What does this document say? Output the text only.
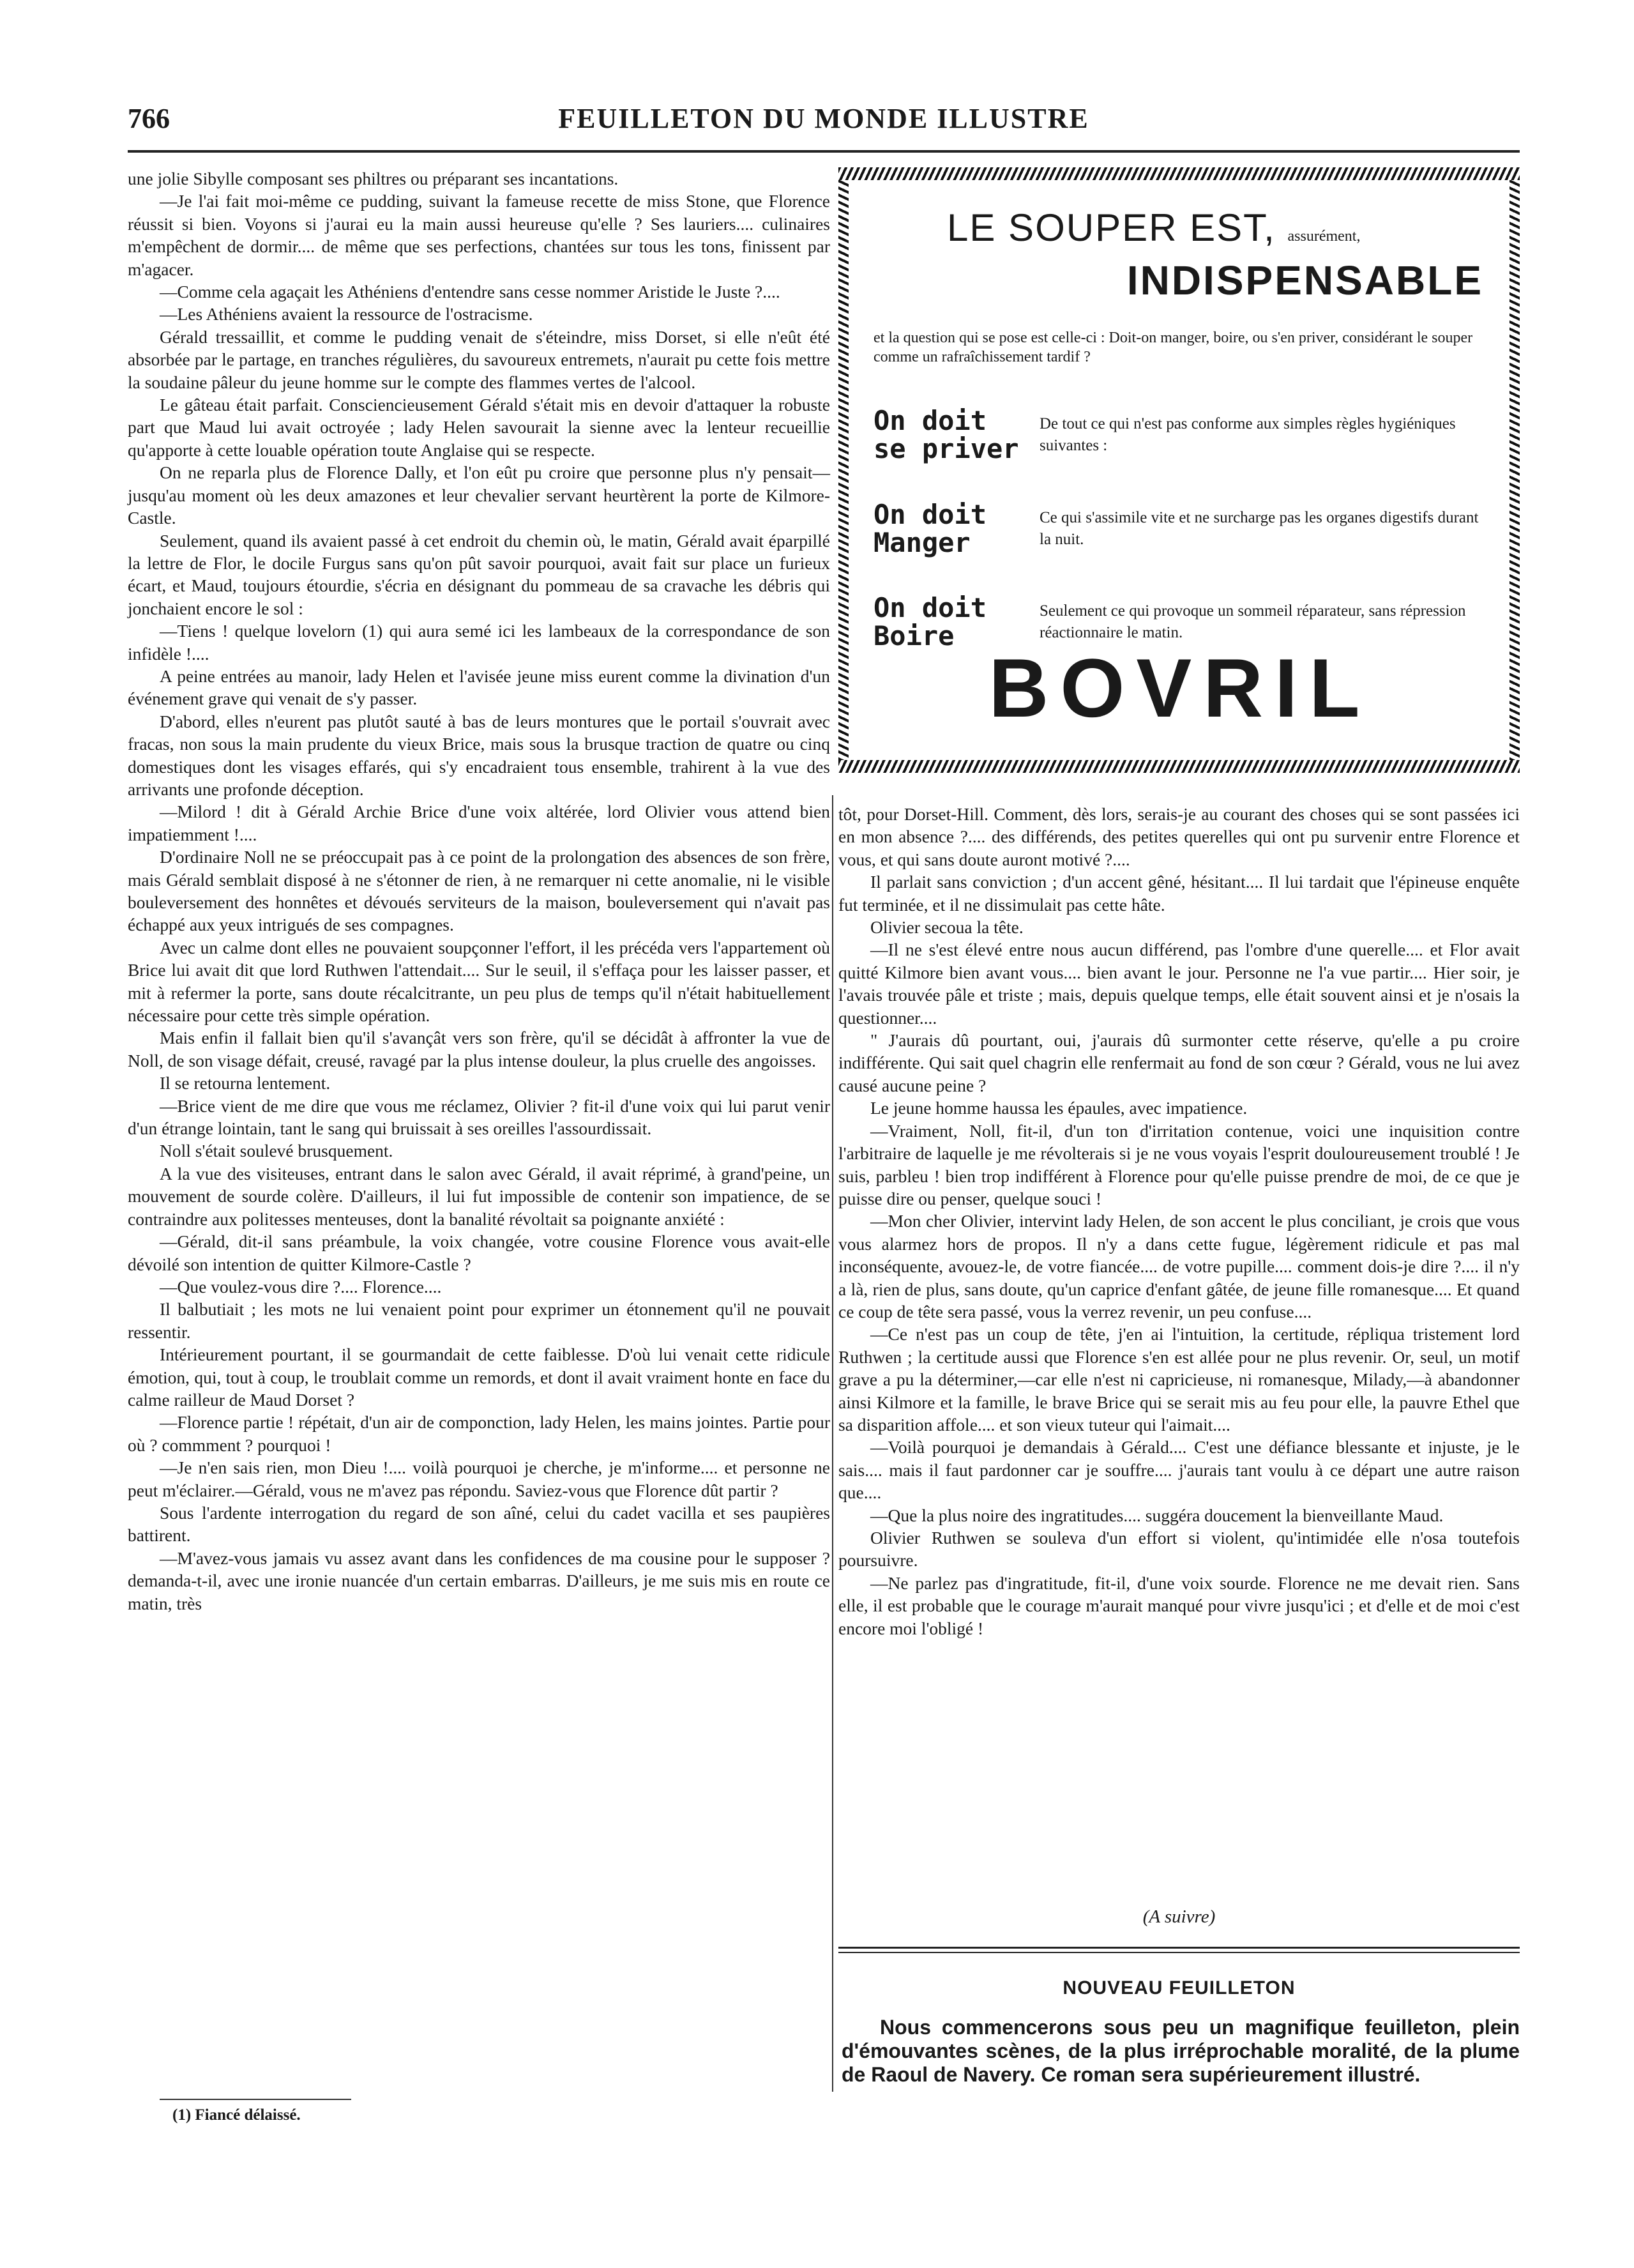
766	FEUILLETON DU MONDE ILLUSTRE

une jolie Sibylle composant ses philtres ou préparant ses incantations.

—Je l'ai fait moi-même ce pudding, suivant la fameuse recette de miss Stone, que Florence réussit si bien. Voyons si j'aurai eu la main aussi heureuse qu'elle ? Ses lauriers.... culinaires m'empêchent de dormir.... de même que ses perfections, chantées sur tous les tons, finissent par m'agacer.

—Comme cela agaçait les Athéniens d'entendre sans cesse nommer Aristide le Juste ?....

—Les Athéniens avaient la ressource de l'ostracisme.

Gérald tressaillit, et comme le pudding venait de s'éteindre, miss Dorset, si elle n'eût été absorbée par le partage, en tranches régulières, du savoureux entremets, n'aurait pu cette fois mettre la soudaine pâleur du jeune homme sur le compte des flammes vertes de l'alcool.

Le gâteau était parfait. Consciencieusement Gérald s'était mis en devoir d'attaquer la robuste part que Maud lui avait octroyée ; lady Helen savourait la sienne avec la lenteur recueillie qu'apporte à cette louable opération toute Anglaise qui se respecte.

On ne reparla plus de Florence Dally, et l'on eût pu croire que personne plus n'y pensait—jusqu'au moment où les deux amazones et leur chevalier servant heurtèrent la porte de Kilmore-Castle.

Seulement, quand ils avaient passé à cet endroit du chemin où, le matin, Gérald avait éparpillé la lettre de Flor, le docile Furgus sans qu'on pût savoir pourquoi, avait fait sur place un furieux écart, et Maud, toujours étourdie, s'écria en désignant du pommeau de sa cravache les débris qui jonchaient encore le sol :

—Tiens ! quelque lovelorn (1) qui aura semé ici les lambeaux de la correspondance de son infidèle !....

A peine entrées au manoir, lady Helen et l'avisée jeune miss eurent comme la divination d'un événement grave qui venait de s'y passer.

D'abord, elles n'eurent pas plutôt sauté à bas de leurs montures que le portail s'ouvrait avec fracas, non sous la main prudente du vieux Brice, mais sous la brusque traction de quatre ou cinq domestiques dont les visages effarés, qui s'y encadraient tous ensemble, trahirent à la vue des arrivants une profonde déception.

—Milord ! dit à Gérald Archie Brice d'une voix altérée, lord Olivier vous attend bien impatiemment !....

D'ordinaire Noll ne se préoccupait pas à ce point de la prolongation des absences de son frère, mais Gérald semblait disposé à ne s'étonner de rien, à ne remarquer ni cette anomalie, ni le visible bouleversement des honnêtes et dévoués serviteurs de la maison, bouleversement qui n'avait pas échappé aux yeux intrigués de ses compagnes.

Avec un calme dont elles ne pouvaient soupçonner l'effort, il les précéda vers l'appartement où Brice lui avait dit que lord Ruthwen l'attendait.... Sur le seuil, il s'effaça pour les laisser passer, et mit à refermer la porte, sans doute récalcitrante, un peu plus de temps qu'il n'était habituellement nécessaire pour cette très simple opération.

Mais enfin il fallait bien qu'il s'avançât vers son frère, qu'il se décidât à affronter la vue de Noll, de son visage défait, creusé, ravagé par la plus intense douleur, la plus cruelle des angoisses.

Il se retourna lentement.

—Brice vient de me dire que vous me réclamez, Olivier ? fit-il d'une voix qui lui parut venir d'un étrange lointain, tant le sang qui bruissait à ses oreilles l'assourdissait.

Noll s'était soulevé brusquement.

A la vue des visiteuses, entrant dans le salon avec Gérald, il avait réprimé, à grand'peine, un mouvement de sourde colère. D'ailleurs, il lui fut impossible de contenir son impatience, de se contraindre aux politesses menteuses, dont la banalité révoltait sa poignante anxiété :

—Gérald, dit-il sans préambule, la voix changée, votre cousine Florence vous avait-elle dévoilé son intention de quitter Kilmore-Castle ?

—Que voulez-vous dire ?.... Florence....

Il balbutiait ; les mots ne lui venaient point pour exprimer un étonnement qu'il ne pouvait ressentir.

Intérieurement pourtant, il se gourmandait de cette faiblesse. D'où lui venait cette ridicule émotion, qui, tout à coup, le troublait comme un remords, et dont il avait vraiment honte en face du calme railleur de Maud Dorset ?

—Florence partie ! répétait, d'un air de componction, lady Helen, les mains jointes. Partie pour où ? commment ? pourquoi !

—Je n'en sais rien, mon Dieu !.... voilà pourquoi je cherche, je m'informe.... et personne ne peut m'éclairer.—Gérald, vous ne m'avez pas répondu. Saviez-vous que Florence dût partir ?

Sous l'ardente interrogation du regard de son aîné, celui du cadet vacilla et ses paupières battirent.

—M'avez-vous jamais vu assez avant dans les confidences de ma cousine pour le supposer ? demanda-t-il, avec une ironie nuancée d'un certain embarras. D'ailleurs, je me suis mis en route ce matin, très

(1) Fiancé délaissé.
LE SOUPER EST, assurément,
INDISPENSABLE
et la question qui se pose est celle-ci : Doit-on manger, boire, ou s'en priver, considérant le souper comme un rafraîchissement tardif ?
On doit
se priver
De tout ce qui n'est pas conforme aux simples règles hygiéniques suivantes :
On doit
Manger
Ce qui s'assimile vite et ne surcharge pas les organes digestifs durant la nuit.
On doit
Boire
Seulement ce qui provoque un sommeil réparateur, sans répression réactionnaire le matin.
BOVRIL

tôt, pour Dorset-Hill. Comment, dès lors, serais-je au courant des choses qui se sont passées ici en mon absence ?.... des différends, des petites querelles qui ont pu survenir entre Florence et vous, et qui sans doute auront motivé ?....

Il parlait sans conviction ; d'un accent gêné, hésitant.... Il lui tardait que l'épineuse enquête fut terminée, et il ne dissimulait pas cette hâte.

Olivier secoua la tête.

—Il ne s'est élevé entre nous aucun différend, pas l'ombre d'une querelle.... et Flor avait quitté Kilmore bien avant vous.... bien avant le jour. Personne ne l'a vue partir.... Hier soir, je l'avais trouvée pâle et triste ; mais, depuis quelque temps, elle était souvent ainsi et je n'osais la questionner....

" J'aurais dû pourtant, oui, j'aurais dû surmonter cette réserve, qu'elle a pu croire indifférente. Qui sait quel chagrin elle renfermait au fond de son cœur ? Gérald, vous ne lui avez causé aucune peine ?

Le jeune homme haussa les épaules, avec impatience.

—Vraiment, Noll, fit-il, d'un ton d'irritation contenue, voici une inquisition contre l'arbitraire de laquelle je me révolterais si je ne vous voyais l'esprit douloureusement troublé ! Je suis, parbleu ! bien trop indifférent à Florence pour qu'elle puisse prendre de moi, de ce que je puisse dire ou penser, quelque souci !

—Mon cher Olivier, intervint lady Helen, de son accent le plus conciliant, je crois que vous vous alarmez hors de propos. Il n'y a dans cette fugue, légèrement ridicule et pas mal inconséquente, avouez-le, de votre fiancée.... de votre pupille.... comment dois-je dire ?.... il n'y a là, rien de plus, sans doute, qu'un caprice d'enfant gâtée, de jeune fille romanesque.... Et quand ce coup de tête sera passé, vous la verrez revenir, un peu confuse....

—Ce n'est pas un coup de tête, j'en ai l'intuition, la certitude, répliqua tristement lord Ruthwen ; la certitude aussi que Florence s'en est allée pour ne plus revenir. Or, seul, un motif grave a pu la déterminer,—car elle n'est ni capricieuse, ni romanesque, Milady,—à abandonner ainsi Kilmore et la famille, le brave Brice qui se serait mis au feu pour elle, la pauvre Ethel que sa disparition affole.... et son vieux tuteur qui l'aimait....

—Voilà pourquoi je demandais à Gérald.... C'est une défiance blessante et injuste, je le sais.... mais il faut pardonner car je souffre.... j'aurais tant voulu à ce départ une autre raison que....

—Que la plus noire des ingratitudes.... suggéra doucement la bienveillante Maud.

Olivier Ruthwen se souleva d'un effort si violent, qu'intimidée elle n'osa toutefois poursuivre.

—Ne parlez pas d'ingratitude, fit-il, d'une voix sourde. Florence ne me devait rien. Sans elle, il est probable que le courage m'aurait manqué pour vivre jusqu'ici ; et d'elle et de moi c'est encore moi l'obligé !

(A suivre)
NOUVEAU FEUILLETON
Nous commencerons sous peu un magnifique feuilleton, plein d'émouvantes scènes, de la plus irréprochable moralité, de la plume de Raoul de Navery. Ce roman sera supérieurement illustré.
